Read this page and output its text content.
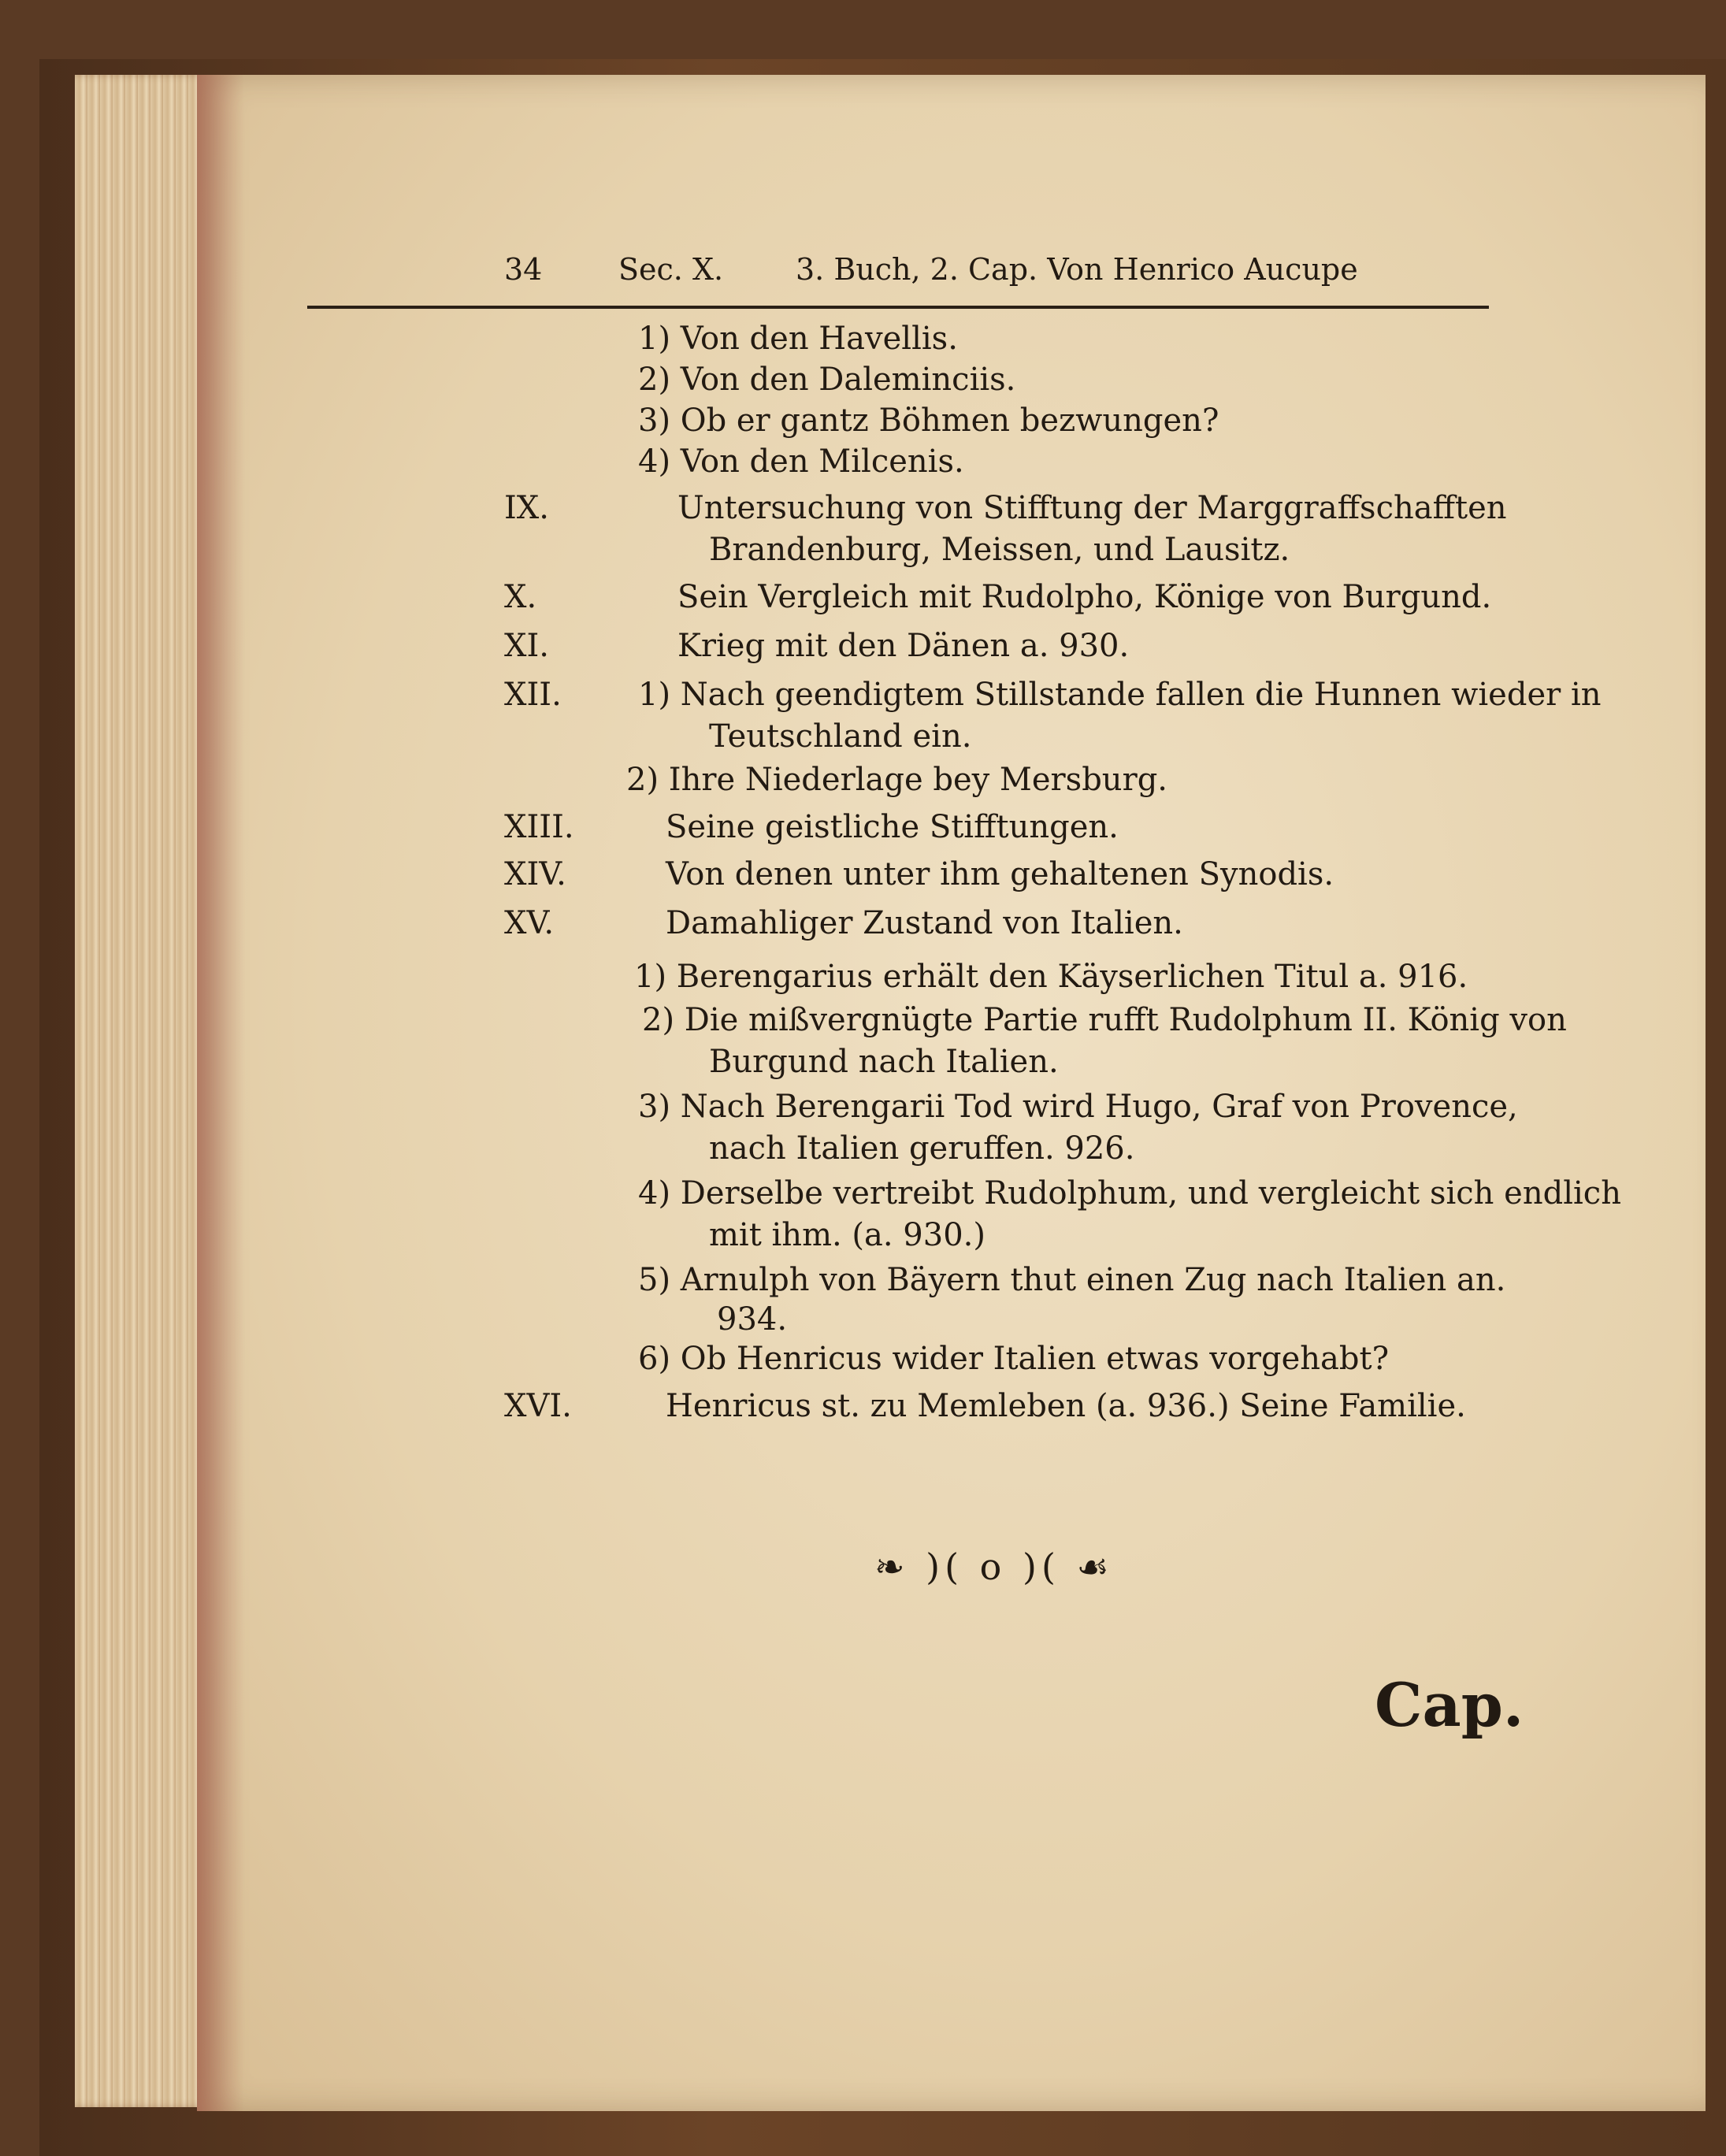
34	Sec. X. 3. Buch, 2. Cap. Von Henrico Aucupe
1) Von den Havellis.
2) Von den Daleminciis.
3) Ob er gantz Böhmen bezwungen?
4) Von den Milcenis.
IX.	Untersuchung von Stifftung der Marggraffschafften
Brandenburg, Meissen, und Lausitz.
X.	Sein Vergleich mit Rudolpho, Könige von Burgund.
XI.	Krieg mit den Dänen a. 930.
XII.	1) Nach geendigtem Stillstande fallen die Hunnen wieder in
Teutschland ein.
2) Ihre Niederlage bey Mersburg.
XIII.	Seine geistliche Stifftungen.
XIV.	Von denen unter ihm gehaltenen Synodis.
XV.	Damahliger Zustand von Italien.
1) Berengarius erhält den Käyserlichen Titul a. 916.
2) Die mißvergnügte Partie rufft Rudolphum II. König von
Burgund nach Italien.
3) Nach Berengarii Tod wird Hugo, Graf von Provence,
nach Italien geruffen. 926.
4) Derselbe vertreibt Rudolphum, und vergleicht sich endlich
mit ihm. (a. 930.)
5) Arnulph von Bäyern thut einen Zug nach Italien an.
934.
6) Ob Henricus wider Italien etwas vorgehabt?
XVI.	Henricus st. zu Memleben (a. 936.) Seine Familie.
❧ )( o )( ☙
Cap.
